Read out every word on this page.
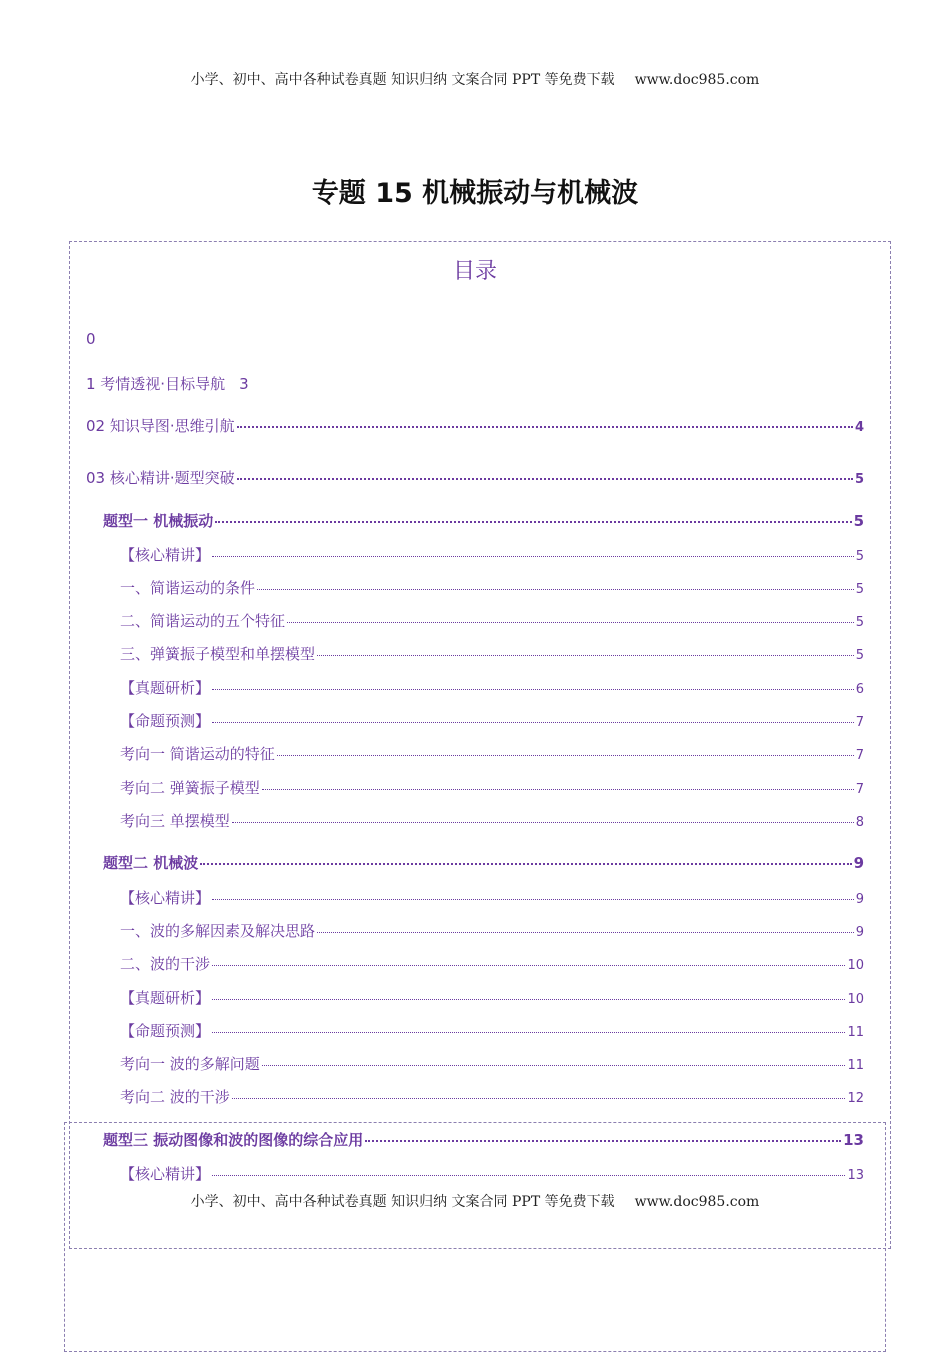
小学、初中、高中各种试卷真题 知识归纳 文案合同 PPT 等免费下载 www.doc985.com
专题 15 机械振动与机械波
目录
0
1 考情透视·目标导航 3
02 知识导图·思维引航	4
03 核心精讲·题型突破	5
题型一 机械振动	5
【核心精讲】	5
一、简谐运动的条件	5
二、简谐运动的五个特征	5
三、弹簧振子模型和单摆模型	5
【真题研析】	6
【命题预测】	7
考向一 简谐运动的特征	7
考向二 弹簧振子模型	7
考向三 单摆模型	8
题型二 机械波	9
【核心精讲】	9
一、波的多解因素及解决思路	9
二、波的干涉	10
【真题研析】	10
【命题预测】	11
考向一 波的多解问题	11
考向二 波的干涉	12
题型三 振动图像和波的图像的综合应用	13
【核心精讲】	13
小学、初中、高中各种试卷真题 知识归纳 文案合同 PPT 等免费下载 www.doc985.com
